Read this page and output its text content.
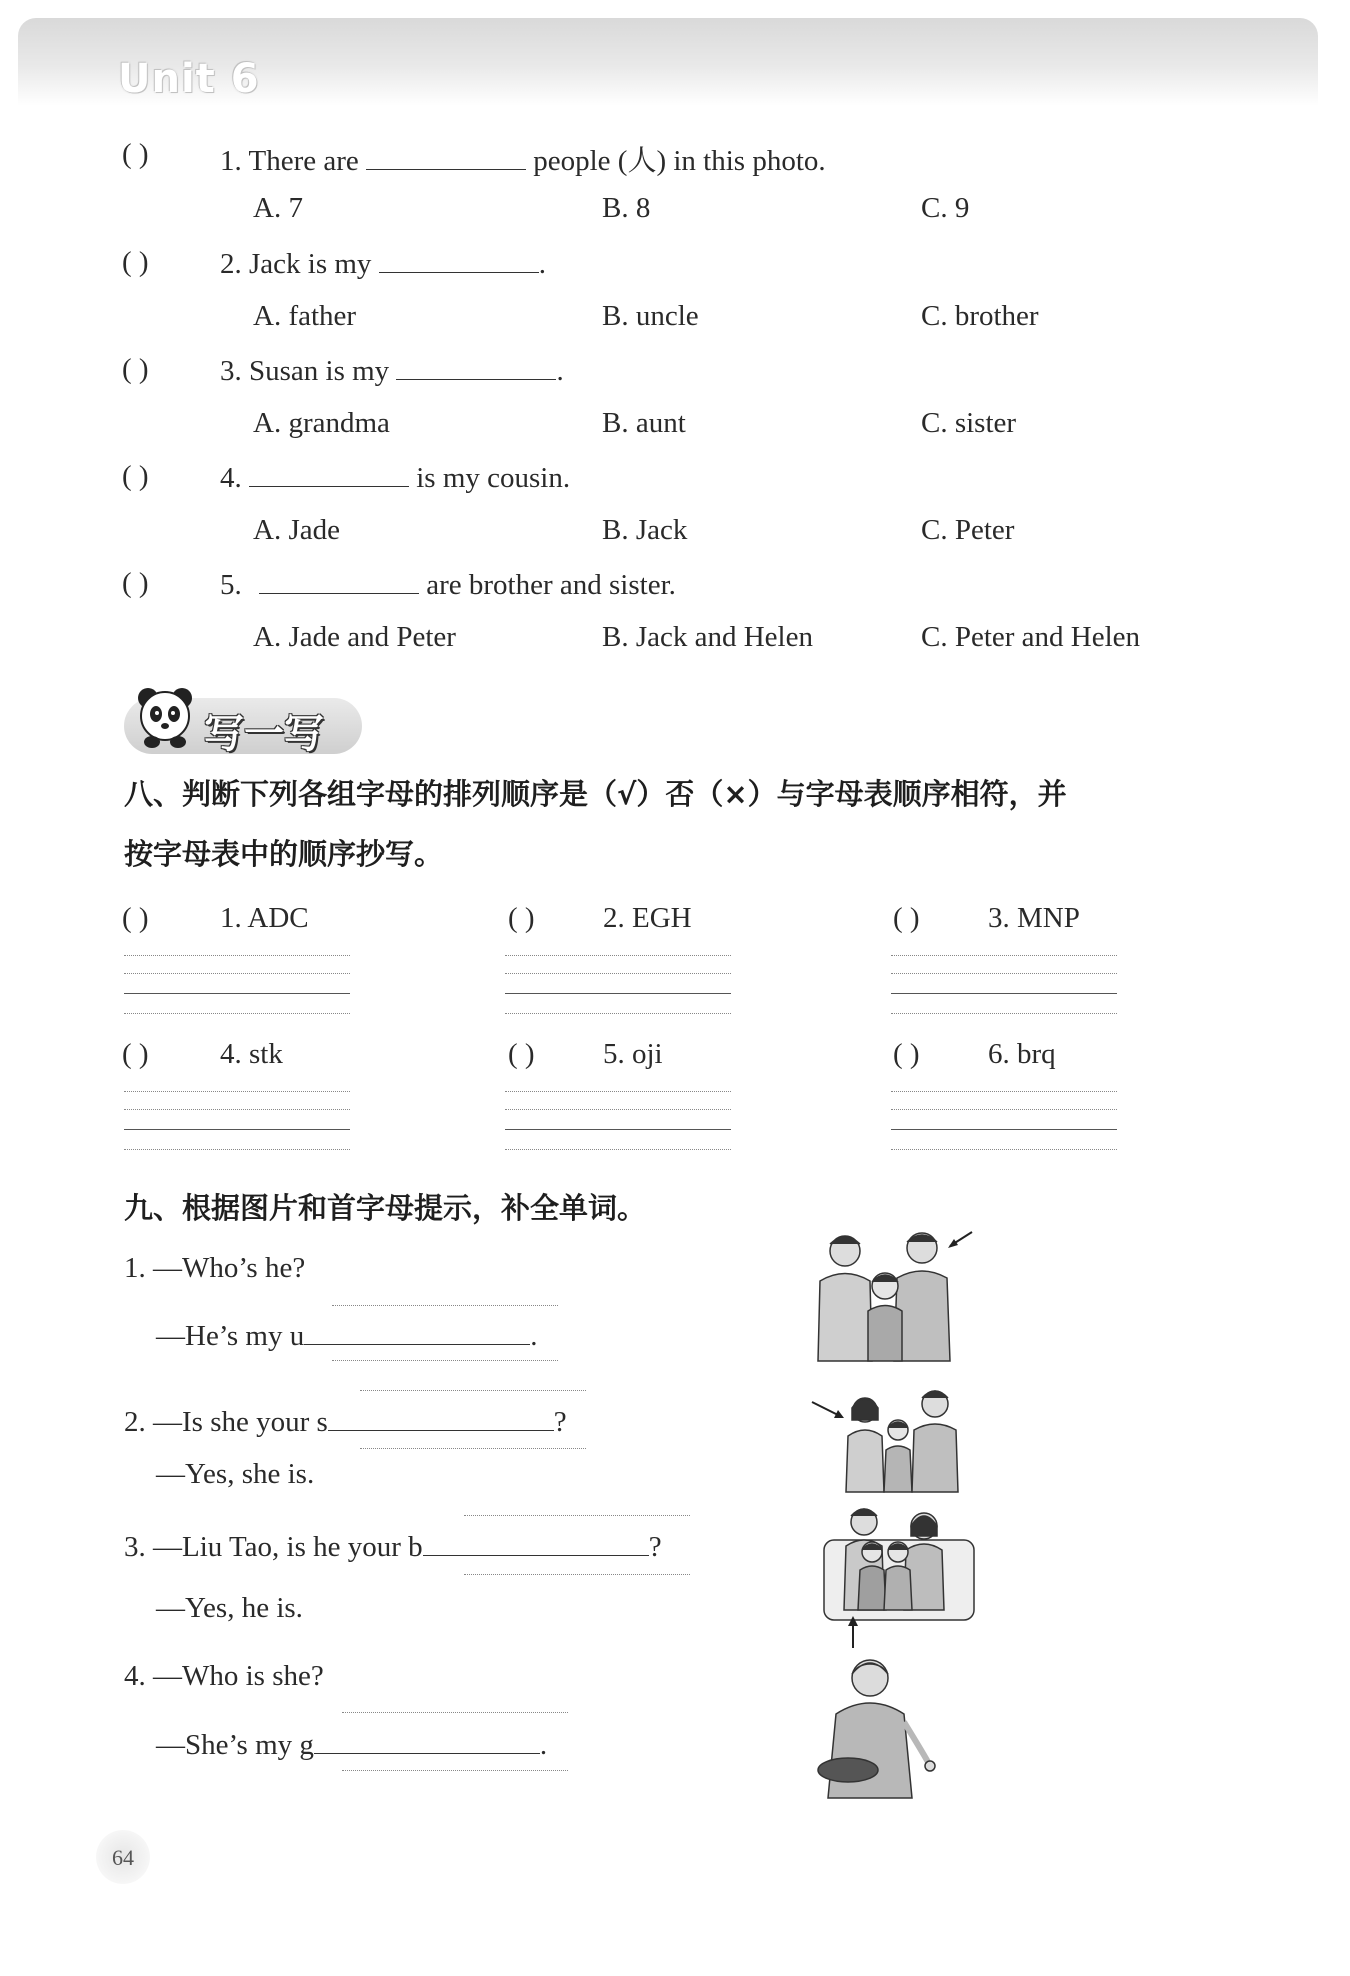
Unit 6
( ) 1. There are	people (人) in this photo.
A. 7	B. 8	C. 9
( ) 2. Jack is my	.
A. father	B. uncle	C. brother
( ) 3. Susan is my	.
A. grandma	B. aunt	C. sister
( ) 4.	is my cousin.
A. Jade	B. Jack	C. Peter
( ) 5.	are brother and sister.
A. Jade and Peter	B. Jack and Helen	C. Peter and Helen
写一写
八、判断下列各组字母的排列顺序是（√）否（×）与字母表顺序相符，并
按字母表中的顺序抄写。
( ) 1. ADC	( ) 2. EGH	( ) 3. MNP
( ) 4. stk	( ) 5. oji	( ) 6. brq
九、根据图片和首字母提示，补全单词。
1. —Who’s he?
—He’s my u	.
2. —Is she your s	?
—Yes, she is.
3. —Liu Tao, is he your b	?
—Yes, he is.
4. —Who is she?
—She’s my g	.
64
